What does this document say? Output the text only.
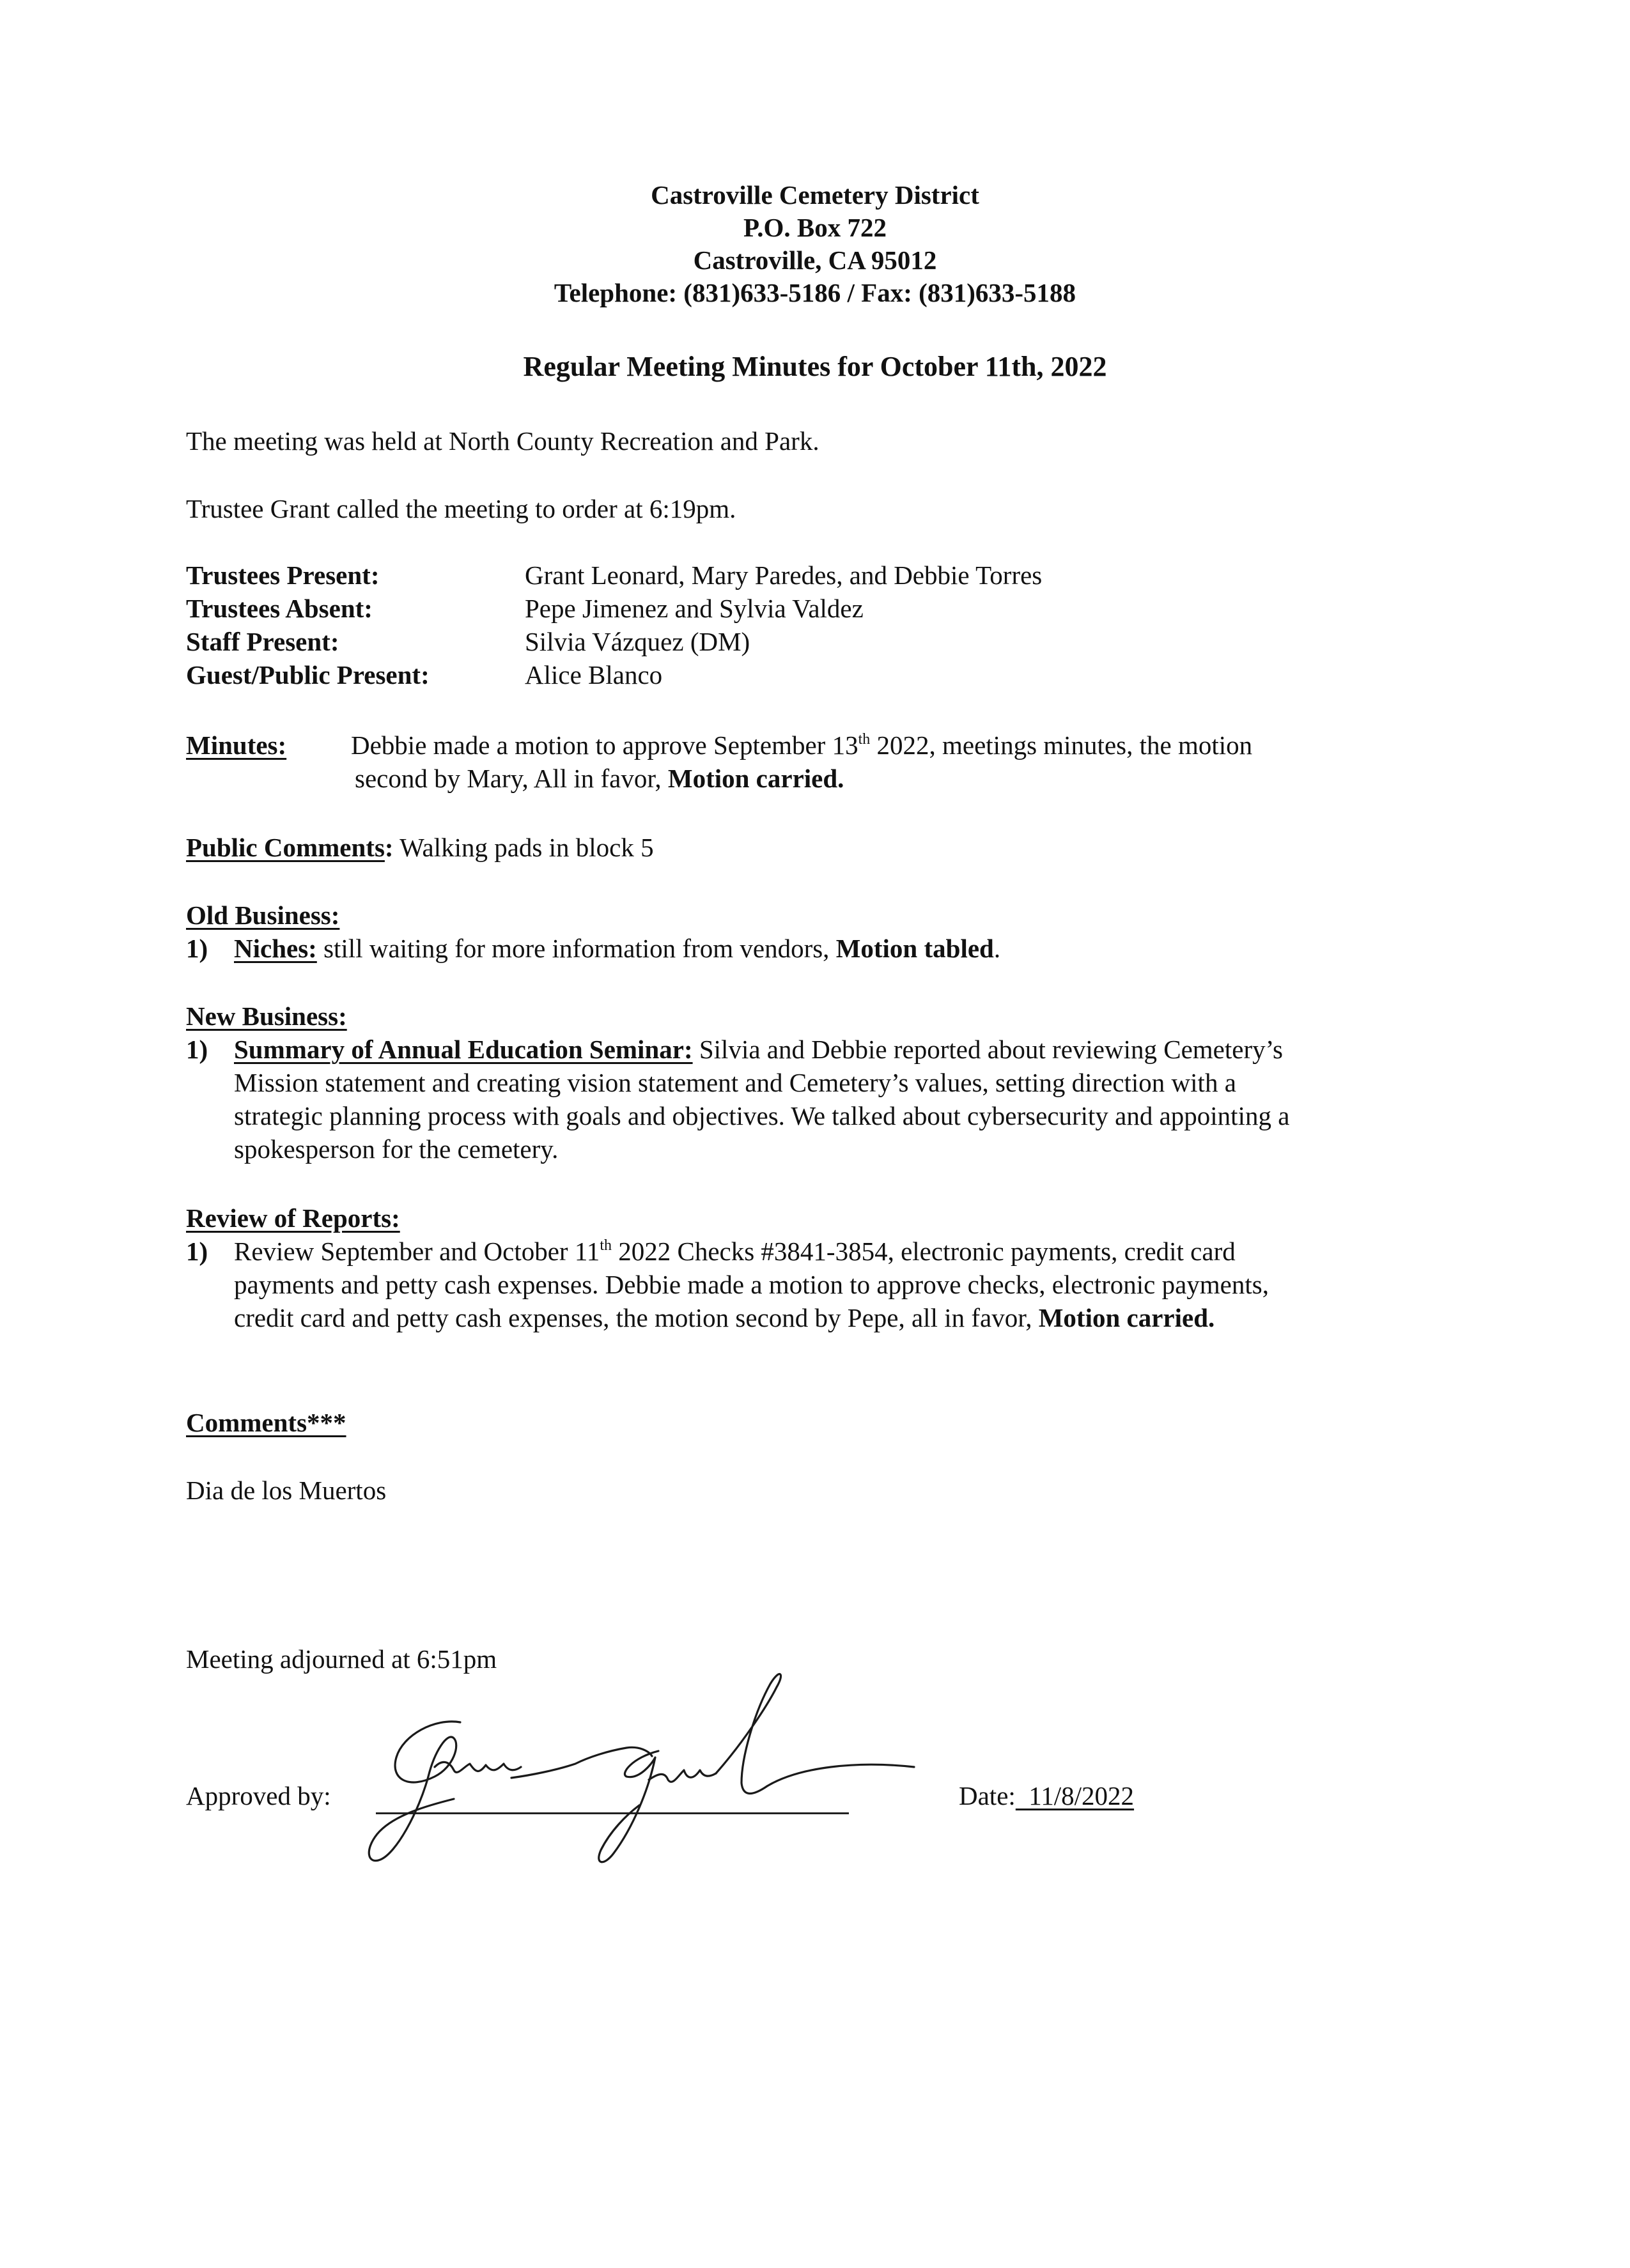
Castroville Cemetery District
P.O. Box 722
Castroville, CA 95012
Telephone: (831)633-5186 / Fax: (831)633-5188
Regular Meeting Minutes for October 11th, 2022
The meeting was held at North County Recreation and Park.
Trustee Grant called the meeting to order at 6:19pm.
Trustees Present:	Grant Leonard, Mary Paredes, and Debbie Torres
Trustees Absent:	Pepe Jimenez and Sylvia Valdez
Staff Present:	Silvia Vázquez (DM)
Guest/Public Present:	Alice Blanco
Minutes: Debbie made a motion to approve September 13th 2022, meetings minutes, the motion
second by Mary, All in favor, Motion carried.
Public Comments: Walking pads in block 5
Old Business:
1) Niches: still waiting for more information from vendors, Motion tabled.
New Business:
1) Summary of Annual Education Seminar: Silvia and Debbie reported about reviewing Cemetery’s
Mission statement and creating vision statement and Cemetery’s values, setting direction with a
strategic planning process with goals and objectives. We talked about cybersecurity and appointing a
spokesperson for the cemetery.
Review of Reports:
1) Review September and October 11th 2022 Checks #3841-3854, electronic payments, credit card
payments and petty cash expenses. Debbie made a motion to approve checks, electronic payments,
credit card and petty cash expenses, the motion second by Pepe, all in favor, Motion carried.
Comments***
Dia de los Muertos
Meeting adjourned at 6:51pm
Approved by:	Date:  11/8/2022
